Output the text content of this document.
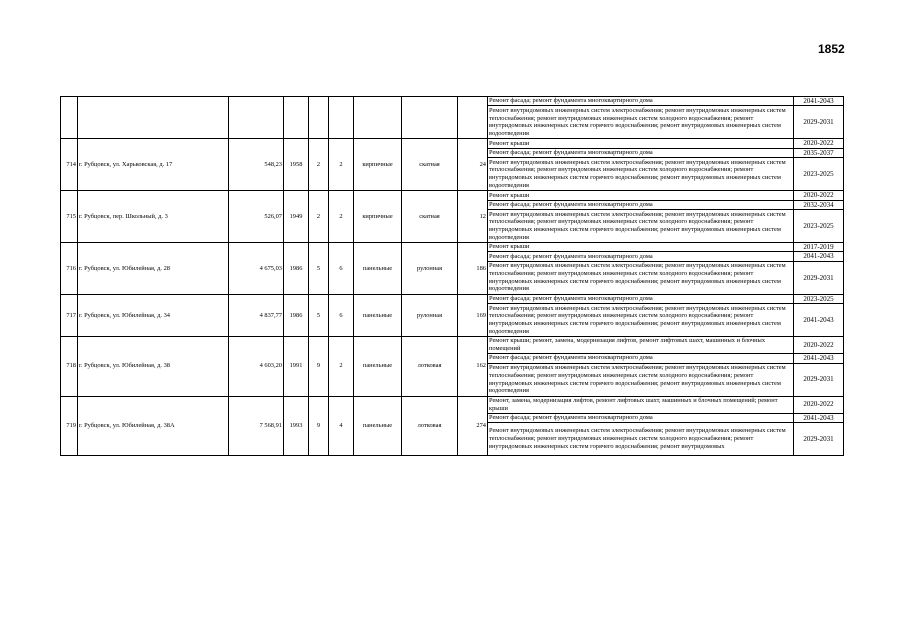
1852
									Ремонт фасада; ремонт фундамента многоквартирного дома	2041-2043
									Ремонт внутридомовых инженерных систем электроснабжения; ремонт внутридомовых инженерных систем теплоснабжения; ремонт внутридомовых инженерных систем холодного водоснабжения; ремонт внутридомовых инженерных систем горячего водоснабжения; ремонт внутридомовых инженерных систем водоотведения	2029-2031
714	г. Рубцовск, ул. Харьковская, д. 17	548,23	1958	2	2	кирпичные	скатная	24	Ремонт крыши	2020-2022
									Ремонт фасада; ремонт фундамента многоквартирного дома	2035-2037
									Ремонт внутридомовых инженерных систем электроснабжения; ремонт внутридомовых инженерных систем теплоснабжения; ремонт внутридомовых инженерных систем холодного водоснабжения; ремонт внутридомовых инженерных систем горячего водоснабжения; ремонт внутридомовых инженерных систем водоотведения	2023-2025
715	г. Рубцовск, пер. Школьный, д. 3	526,07	1949	2	2	кирпичные	скатная	12	Ремонт крыши	2020-2022
									Ремонт фасада; ремонт фундамента многоквартирного дома	2032-2034
									Ремонт внутридомовых инженерных систем электроснабжения; ремонт внутридомовых инженерных систем теплоснабжения; ремонт внутридомовых инженерных систем холодного водоснабжения; ремонт внутридомовых инженерных систем горячего водоснабжения; ремонт внутридомовых инженерных систем водоотведения	2023-2025
716	г. Рубцовск, ул. Юбилейная, д. 28	4 675,03	1986	5	6	панельные	рулонная	186	Ремонт крыши	2017-2019
									Ремонт фасада; ремонт фундамента многоквартирного дома	2041-2043
									Ремонт внутридомовых инженерных систем электроснабжения; ремонт внутридомовых инженерных систем теплоснабжения; ремонт внутридомовых инженерных систем холодного водоснабжения; ремонт внутридомовых инженерных систем горячего водоснабжения; ремонт внутридомовых инженерных систем водоотведения	2029-2031
717	г. Рубцовск, ул. Юбилейная, д. 34	4 837,77	1986	5	6	панельные	рулонная	169	Ремонт фасада; ремонт фундамента многоквартирного дома	2023-2025
									Ремонт внутридомовых инженерных систем электроснабжения; ремонт внутридомовых инженерных систем теплоснабжения; ремонт внутридомовых инженерных систем холодного водоснабжения; ремонт внутридомовых инженерных систем горячего водоснабжения; ремонт внутридомовых инженерных систем водоотведения	2041-2043
718	г. Рубцовск, ул. Юбилейная, д. 38	4 603,20	1991	9	2	панельные	лотковая	162	Ремонт крыши; ремонт, замена, модернизация лифтов, ремонт лифтовых шахт, машинных и блочных помещений	2020-2022
									Ремонт фасада; ремонт фундамента многоквартирного дома	2041-2043
									Ремонт внутридомовых инженерных систем электроснабжения; ремонт внутридомовых инженерных систем теплоснабжения; ремонт внутридомовых инженерных систем холодного водоснабжения; ремонт внутридомовых инженерных систем горячего водоснабжения; ремонт внутридомовых инженерных систем водоотведения	2029-2031
719	г. Рубцовск, ул. Юбилейная, д. 38А	7 568,91	1993	9	4	панельные	лотковая	274	Ремонт, замена, модернизация лифтов, ремонт лифтовых шахт, машинных и блочных помещений; ремонт крыши	2020-2022
									Ремонт фасада; ремонт фундамента многоквартирного дома	2041-2043
									Ремонт внутридомовых инженерных систем электроснабжения; ремонт внутридомовых инженерных систем теплоснабжения; ремонт внутридомовых инженерных систем холодного водоснабжения; ремонт внутридомовых инженерных систем горячего водоснабжения; ремонт внутридомовых	2029-2031
